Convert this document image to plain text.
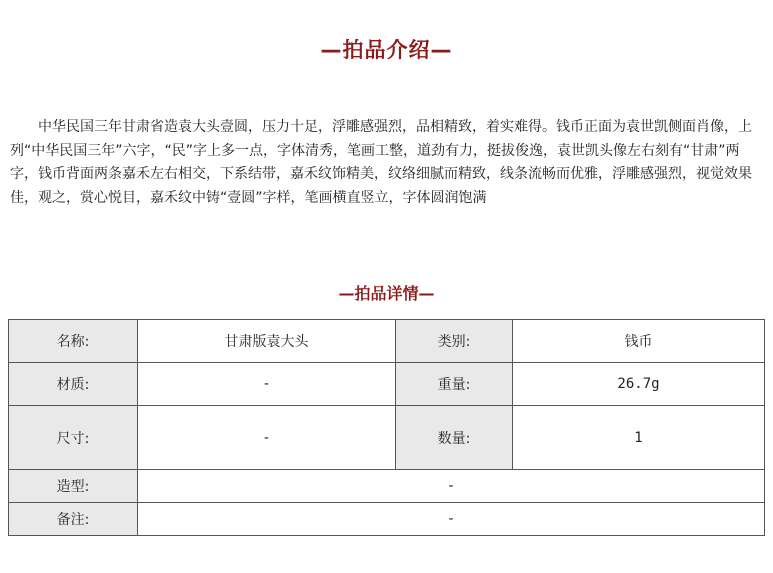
—拍品介绍—

中华民国三年甘肃省造袁大头壹圆，压力十足，浮雕感强烈，品相精致，着实难得。钱币正面为袁世凯侧面肖像，上列“中华民国三年”六字，“民”字上多一点，字体清秀，笔画工整，道劲有力，挺拔俊逸，袁世凯头像左右刻有“甘肃”两字，钱币背面两条嘉禾左右相交，下系结带，嘉禾纹饰精美，纹络细腻而精致，线条流畅而优雅，浮雕感强烈，视觉效果佳，观之，赏心悦目，嘉禾纹中铸“壹圆”字样，笔画横直竖立，字体圆润饱满

—拍品详情—
名称:	甘肃版袁大头	类别:	钱币
材质:	-	重量:	26.7g
尺寸:	-	数量:	1
造型:	-		
备注:	-		
